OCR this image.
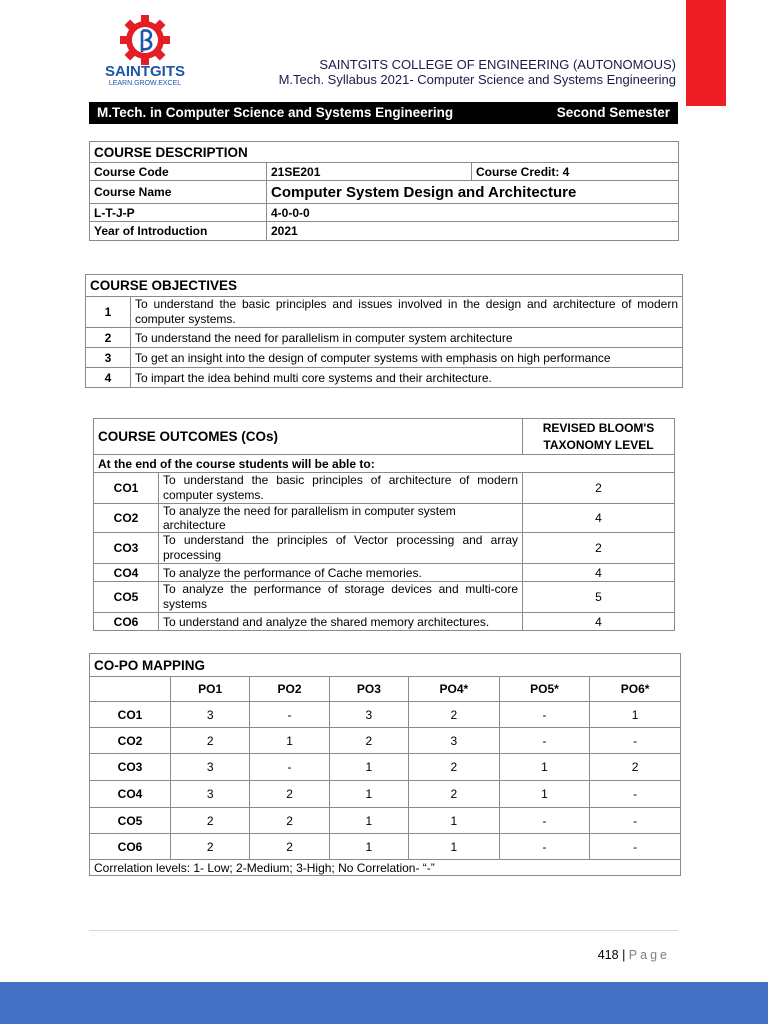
SAINTGITS
LEARN.GROW.EXCEL
SAINTGITS COLLEGE OF ENGINEERING (AUTONOMOUS)
M.Tech. Syllabus 2021- Computer Science and Systems Engineering
M.Tech. in Computer Science and Systems Engineering	Second Semester
COURSE DESCRIPTION		
Course Code	21SE201	Course Credit: 4
Course Name	Computer System Design and Architecture	
L-T-J-P	4-0-0-0	
Year of Introduction	2021	
COURSE OBJECTIVES	
1	To understand the basic principles and issues involved in the design and architecture of modern computer systems.
2	To understand the need for parallelism in computer system architecture
3	To get an insight into the design of computer systems with emphasis on high performance
4	To impart the idea behind multi core systems and their architecture.
COURSE OUTCOMES (COs)		REVISED BLOOM'S
TAXONOMY LEVEL

At the end of the course students will be able to:		
CO1	To understand the basic principles of architecture of modern computer systems.	2
CO2	To analyze the need for parallelism in computer system architecture	4
CO3	To understand the principles of Vector processing and array processing	2
CO4	To analyze the performance of Cache memories.	4
CO5	To analyze the performance of storage devices and multi-core systems	5
CO6	To understand and analyze the shared memory architectures.	4
CO-PO MAPPING						
	PO1	PO2	PO3	PO4*	PO5*	PO6*
CO1	3	-	3	2	-	1
CO2	2	1	2	3	-	-
CO3	3	-	1	2	1	2
CO4	3	2	1	2	1	-
CO5	2	2	1	1	-	-
CO6	2	2	1	1	-	-
Correlation levels: 1- Low; 2-Medium; 3-High; No Correlation- “-”						
418 | Page
